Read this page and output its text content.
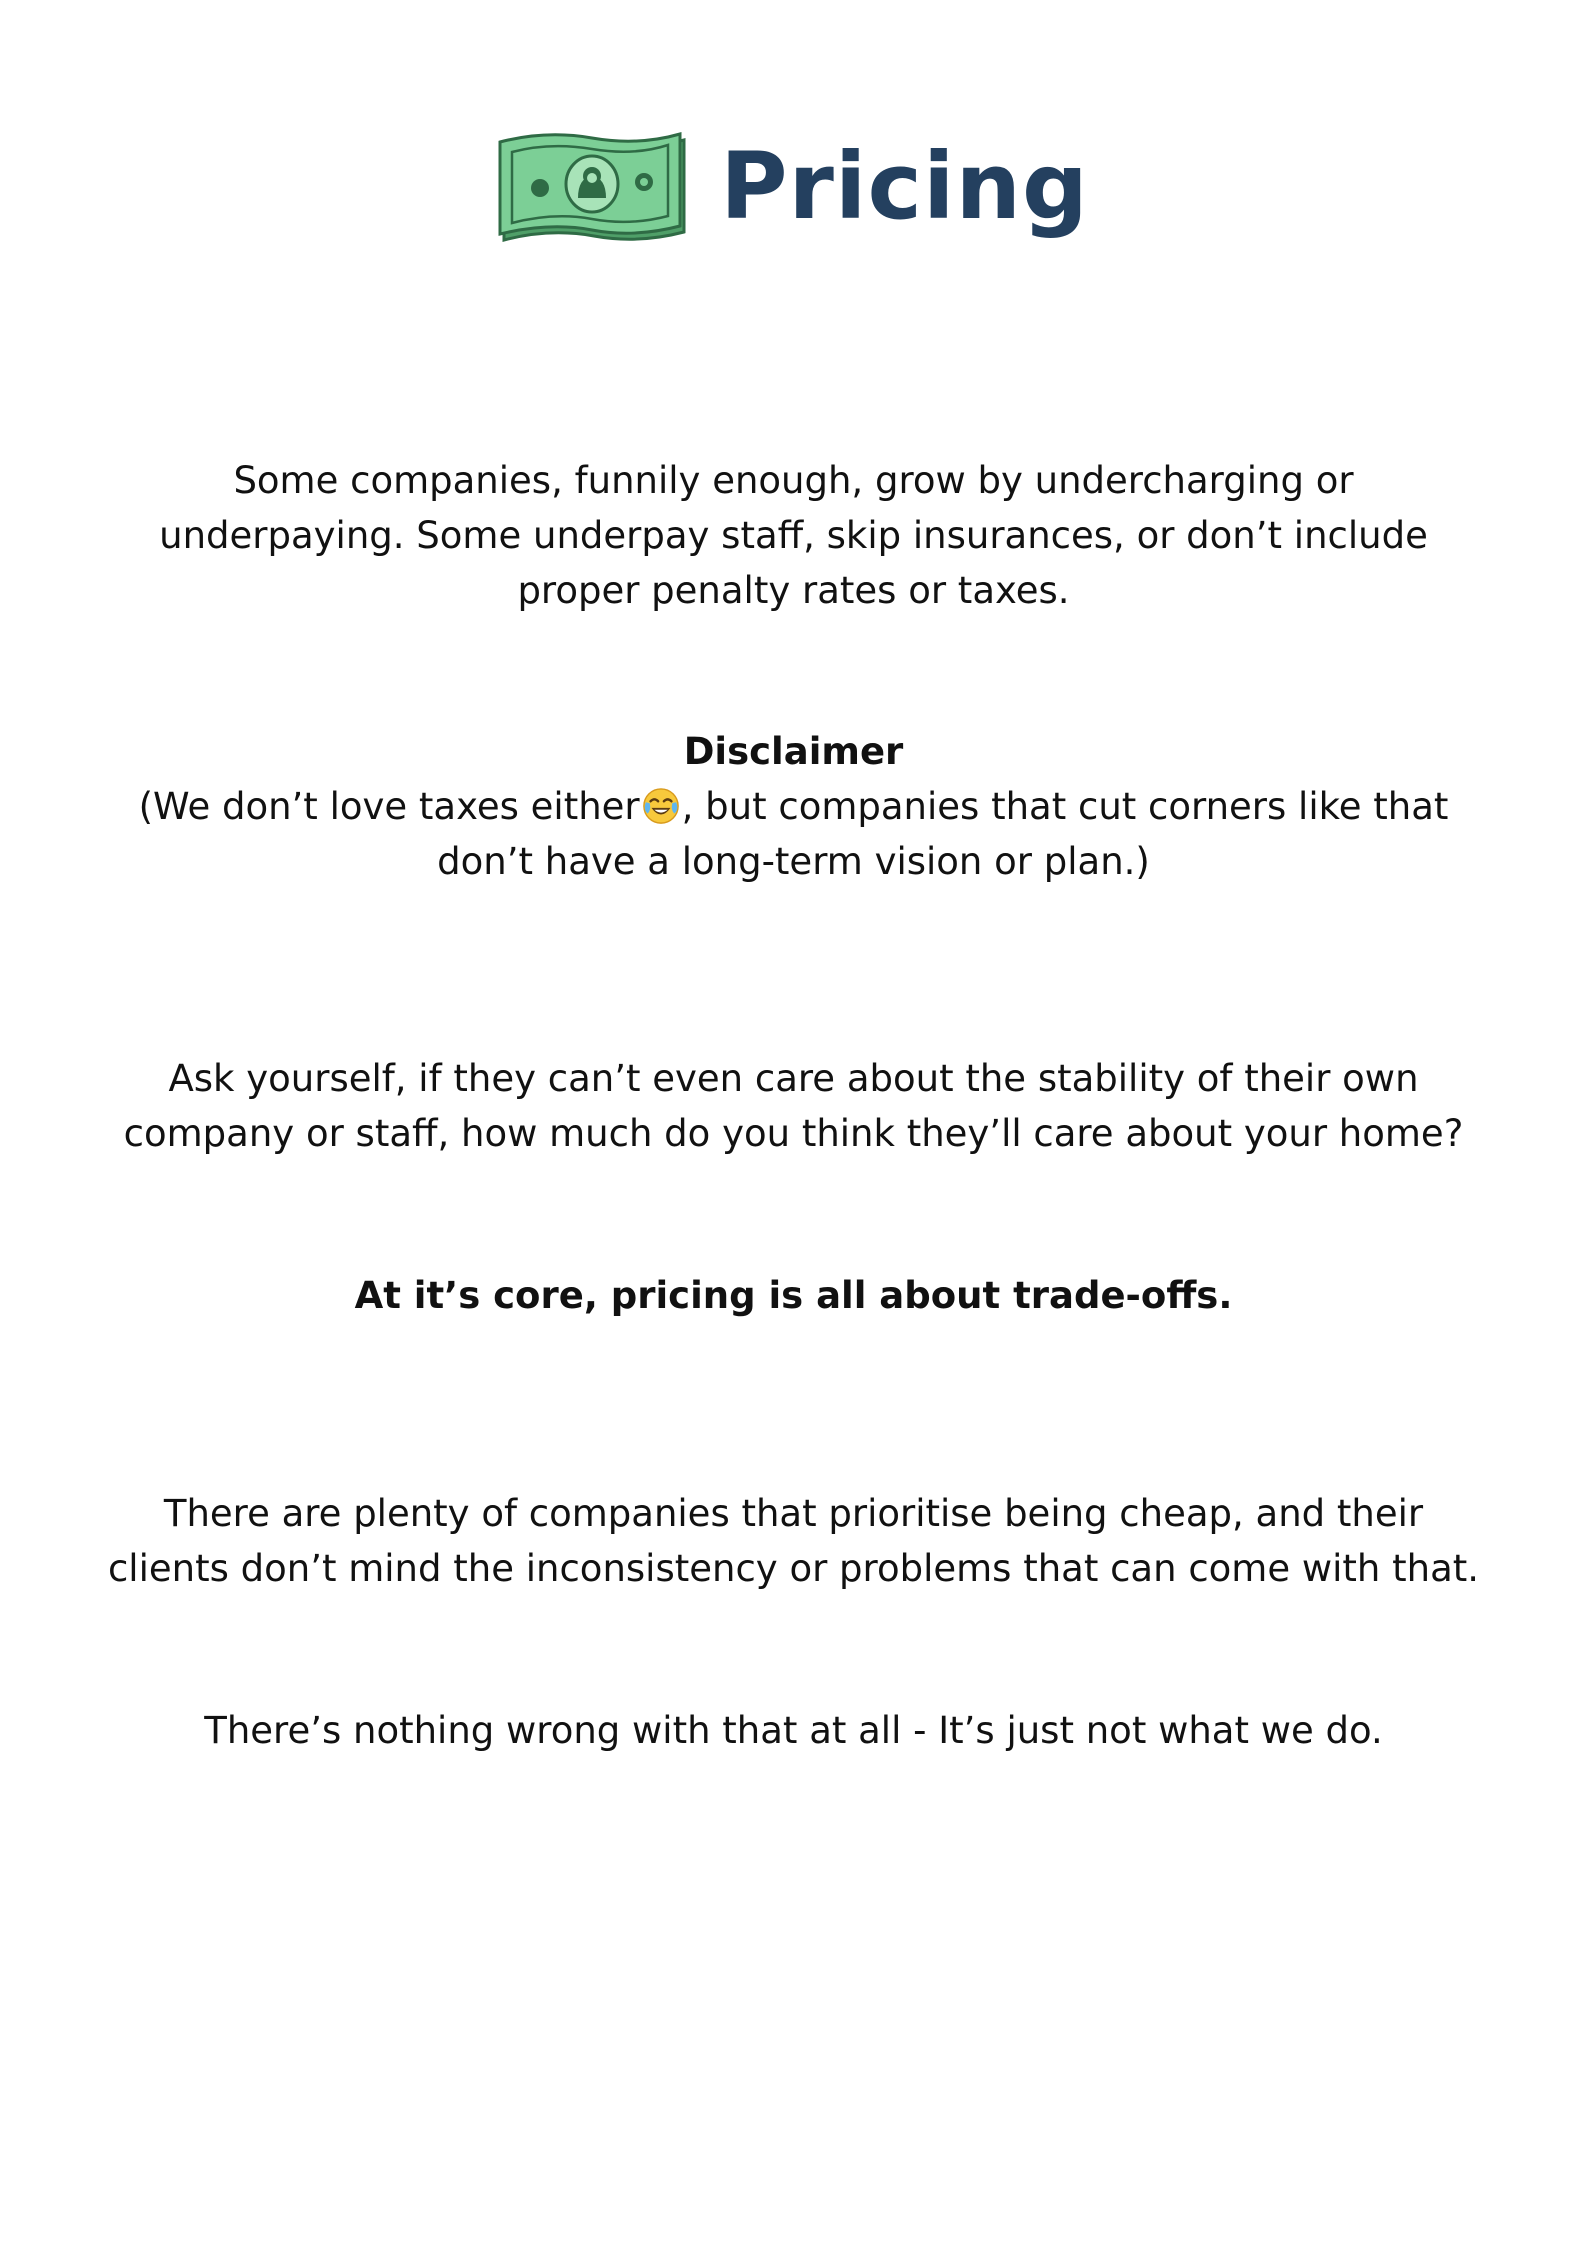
Pricing

Some companies, funnily enough, grow by undercharging or
underpaying. Some underpay staff, skip insurances, or don’t include
proper penalty rates or taxes.

Disclaimer
(We don’t love taxes either , but companies that cut corners like that
don’t have a long-term vision or plan.)

Ask yourself, if they can’t even care about the stability of their own
company or staff, how much do you think they’ll care about your home?

At it’s core, pricing is all about trade-offs.

There are plenty of companies that prioritise being cheap, and their
clients don’t mind the inconsistency or problems that can come with that.

There’s nothing wrong with that at all - It’s just not what we do.
